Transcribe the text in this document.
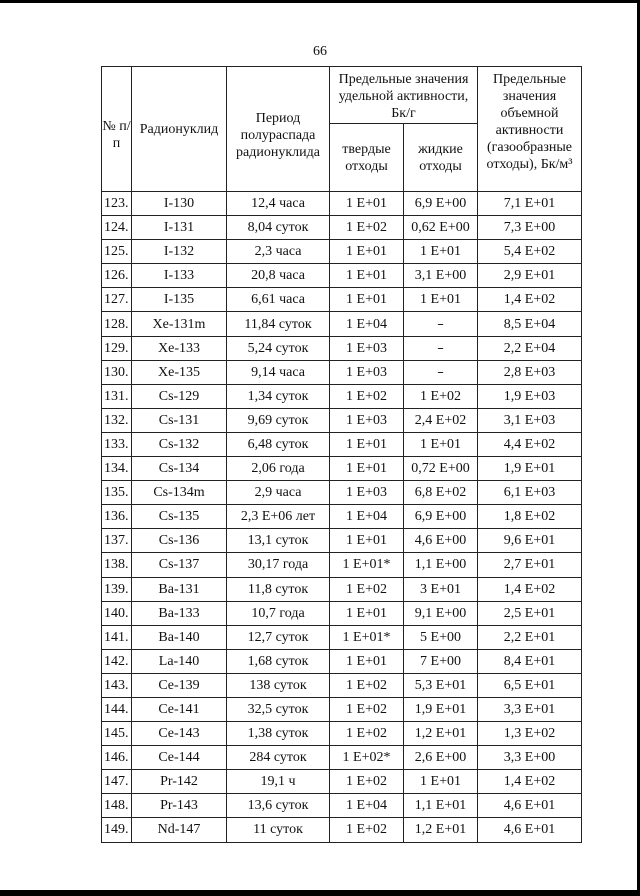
66
№ п/п	Радионуклид	Период полураспада радионуклида	Предельные значения удельной активности, Бк/г		Предельные значения объемной активности (газообразные отходы), Бк/м³
			твердые отходы	жидкие отходы	
123.	I-130	12,4 часа	1 Е+01	6,9 Е+00	7,1 Е+01
124.	I-131	8,04 суток	1 Е+02	0,62 Е+00	7,3 Е+00
125.	I-132	2,3 часа	1 Е+01	1 Е+01	5,4 Е+02
126.	I-133	20,8 часа	1 Е+01	3,1 Е+00	2,9 Е+01
127.	I-135	6,61 часа	1 Е+01	1 Е+01	1,4 Е+02
128.	Хе-131m	11,84 суток	1 Е+04	–	8,5 Е+04
129.	Хе-133	5,24 суток	1 Е+03	–	2,2 Е+04
130.	Хе-135	9,14 часа	1 Е+03	–	2,8 Е+03
131.	Cs-129	1,34 суток	1 Е+02	1 Е+02	1,9 Е+03
132.	Cs-131	9,69 суток	1 Е+03	2,4 Е+02	3,1 Е+03
133.	Cs-132	6,48 суток	1 Е+01	1 Е+01	4,4 Е+02
134.	Cs-134	2,06 года	1 Е+01	0,72 Е+00	1,9 Е+01
135.	Cs-134m	2,9 часа	1 Е+03	6,8 Е+02	6,1 Е+03
136.	Cs-135	2,3 Е+06 лет	1 Е+04	6,9 Е+00	1,8 Е+02
137.	Cs-136	13,1 суток	1 Е+01	4,6 Е+00	9,6 Е+01
138.	Cs-137	30,17 года	1 Е+01*	1,1 Е+00	2,7 Е+01
139.	Ba-131	11,8 суток	1 Е+02	3 Е+01	1,4 Е+02
140.	Ba-133	10,7 года	1 Е+01	9,1 Е+00	2,5 Е+01
141.	Ba-140	12,7 суток	1 Е+01*	5 Е+00	2,2 Е+01
142.	La-140	1,68 суток	1 Е+01	7 Е+00	8,4 Е+01
143.	Ce-139	138 суток	1 Е+02	5,3 Е+01	6,5 Е+01
144.	Ce-141	32,5 суток	1 Е+02	1,9 Е+01	3,3 Е+01
145.	Ce-143	1,38 суток	1 Е+02	1,2 Е+01	1,3 Е+02
146.	Ce-144	284 суток	1 Е+02*	2,6 Е+00	3,3 Е+00
147.	Pr-142	19,1 ч	1 Е+02	1 Е+01	1,4 Е+02
148.	Pr-143	13,6 суток	1 Е+04	1,1 Е+01	4,6 Е+01
149.	Nd-147	11 суток	1 Е+02	1,2 Е+01	4,6 Е+01
